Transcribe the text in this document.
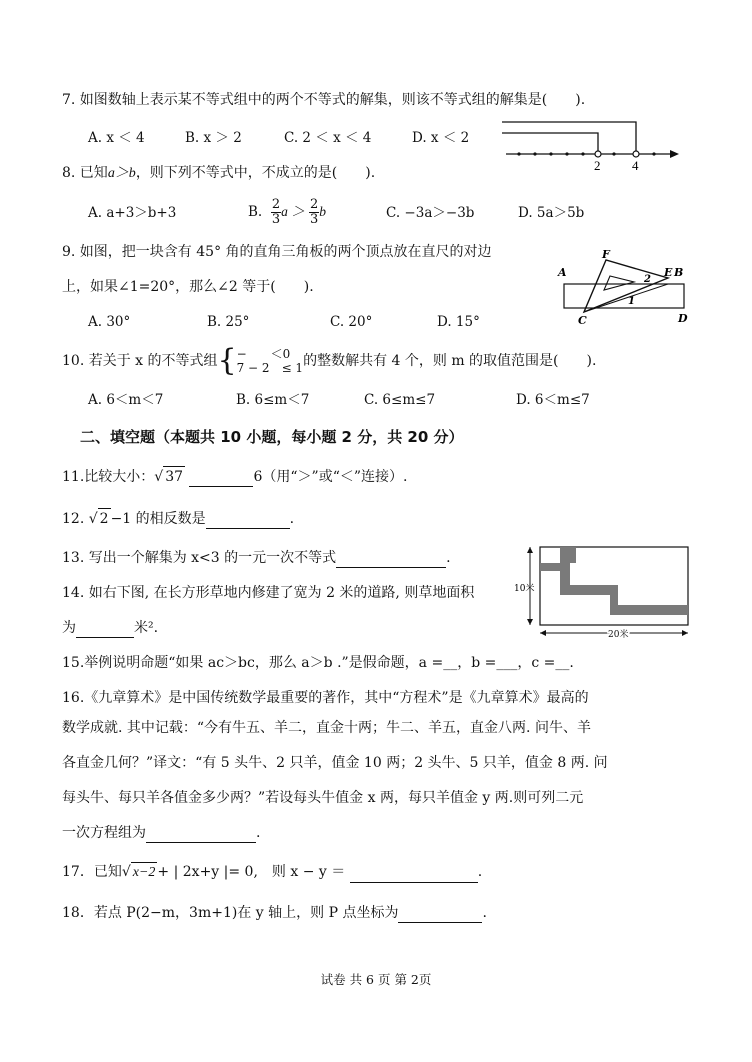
7. 如图数轴上表示某不等式组中的两个不等式的解集，则该不等式组的解集是(　　).
A. x ＜ 4	B. x ＞ 2	C. 2 ＜ x ＜ 4	D. x ＜ 2
2 4
8. 已知a＞b，则下列不等式中，不成立的是(　　).
A. a+3＞b+3	B. $\frac{2}{3}$ $a > \frac{2}{3}$ b	C. −3a＞−3b	D. 5a＞5b
9. 如图，把一块含有 45° 角的直角三角板的两个顶点放在直尺的对边
上，如果∠1=20°，那么∠2 等于(　　).
A. 30°	B. 25°	C. 20°	D. 15°
A
F
2
1
E B
C	D
10. 若关于 x 的不等式组{ −　　＜0
7 − 2　≤ 1 的整数解共有 4 个，则 m 的取值范围是(　　).
A. 6＜m＜7	B. 6≤m＜7	C. 6≤m≤7	D. 6＜m≤7
二、填空题（本题共 10 小题，每小题 2 分，共 20 分）
11.比较大小：√ 37	6（用“＞”或“＜”连接）.
12. √ 2 −1 的相反数是	.
13. 写出一个解集为 x<3 的一元一次不等式	.
14. 如右下图, 在长方形草地内修建了宽为 2 米的道路, 则草地面积
为	米².
10米
20米
15.举例说明命题“如果 ac＞bc，那么 a＞b .”是假命题，a =__，b =___，c =__.
16.《九章算术》是中国传统数学最重要的著作，其中“方程术”是《九章算术》最高的
数学成就. 其中记载：“今有牛五、羊二，直金十两；牛二、羊五，直金八两. 问牛、羊
各直金几何？”译文：“有 5 头牛、2 只羊，值金 10 两；2 头牛、5 只羊，值金 8 两. 问
每头牛、每只羊各值金多少两？”若设每头牛值金 x 两，每只羊值金 y 两.则可列二元
一次方程组为	.
17．已知√ x−2 + | 2x+y |= 0,　则 x − y ＝	.
18．若点 P(2−m，3m+1)在 y 轴上，则 P 点坐标为	.
试卷 共 6 页 第 2页
